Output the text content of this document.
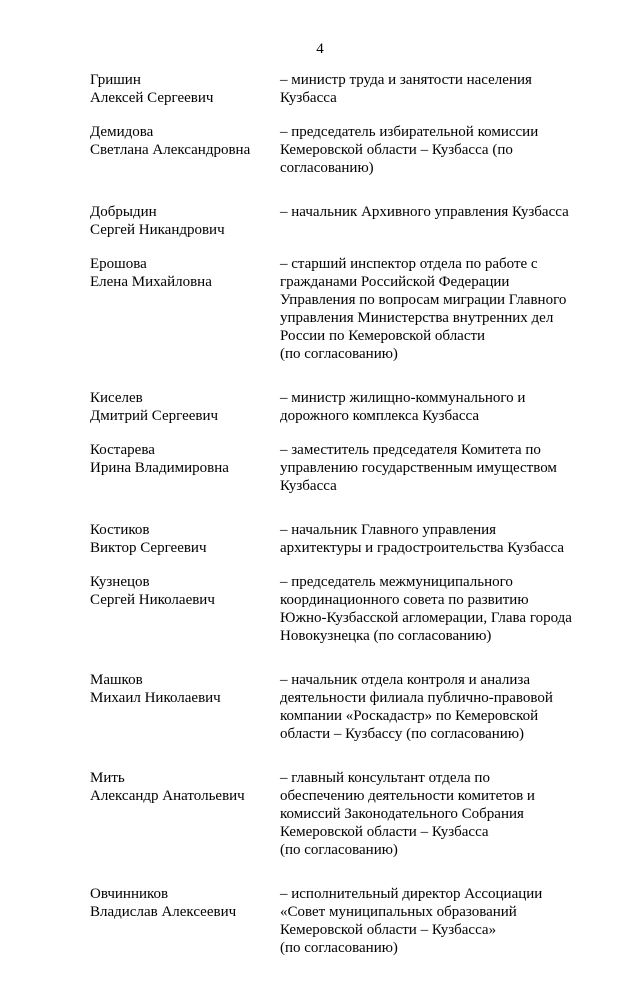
4
Гришин
Алексей Сергеевич
– министр труда и занятости населения
Кузбасса
Демидова
Светлана Александровна
– председатель избирательной комиссии
Кемеровской области – Кузбасса (по
согласованию)
Добрыдин
Сергей Никандрович
– начальник Архивного управления Кузбасса
Ерошова
Елена Михайловна
– старший инспектор отдела по работе с
гражданами Российской Федерации
Управления по вопросам миграции Главного
управления Министерства внутренних дел
России по Кемеровской области
(по согласованию)
Киселев
Дмитрий Сергеевич
– министр жилищно-коммунального и
дорожного комплекса Кузбасса
Костарева
Ирина Владимировна
– заместитель председателя Комитета по
управлению государственным имуществом
Кузбасса
Костиков
Виктор Сергеевич
– начальник Главного управления
архитектуры и градостроительства Кузбасса
Кузнецов
Сергей Николаевич
– председатель межмуниципального
координационного совета по развитию
Южно-Кузбасской агломерации, Глава города
Новокузнецка (по согласованию)
Машков
Михаил Николаевич
– начальник отдела контроля и анализа
деятельности филиала публично-правовой
компании «Роскадастр» по Кемеровской
области – Кузбассу (по согласованию)
Мить
Александр Анатольевич
– главный консультант отдела по
обеспечению деятельности комитетов и
комиссий Законодательного Собрания
Кемеровской области – Кузбасса
(по согласованию)
Овчинников
Владислав Алексеевич
– исполнительный директор Ассоциации
«Совет муниципальных образований
Кемеровской области – Кузбасса»
(по согласованию)
